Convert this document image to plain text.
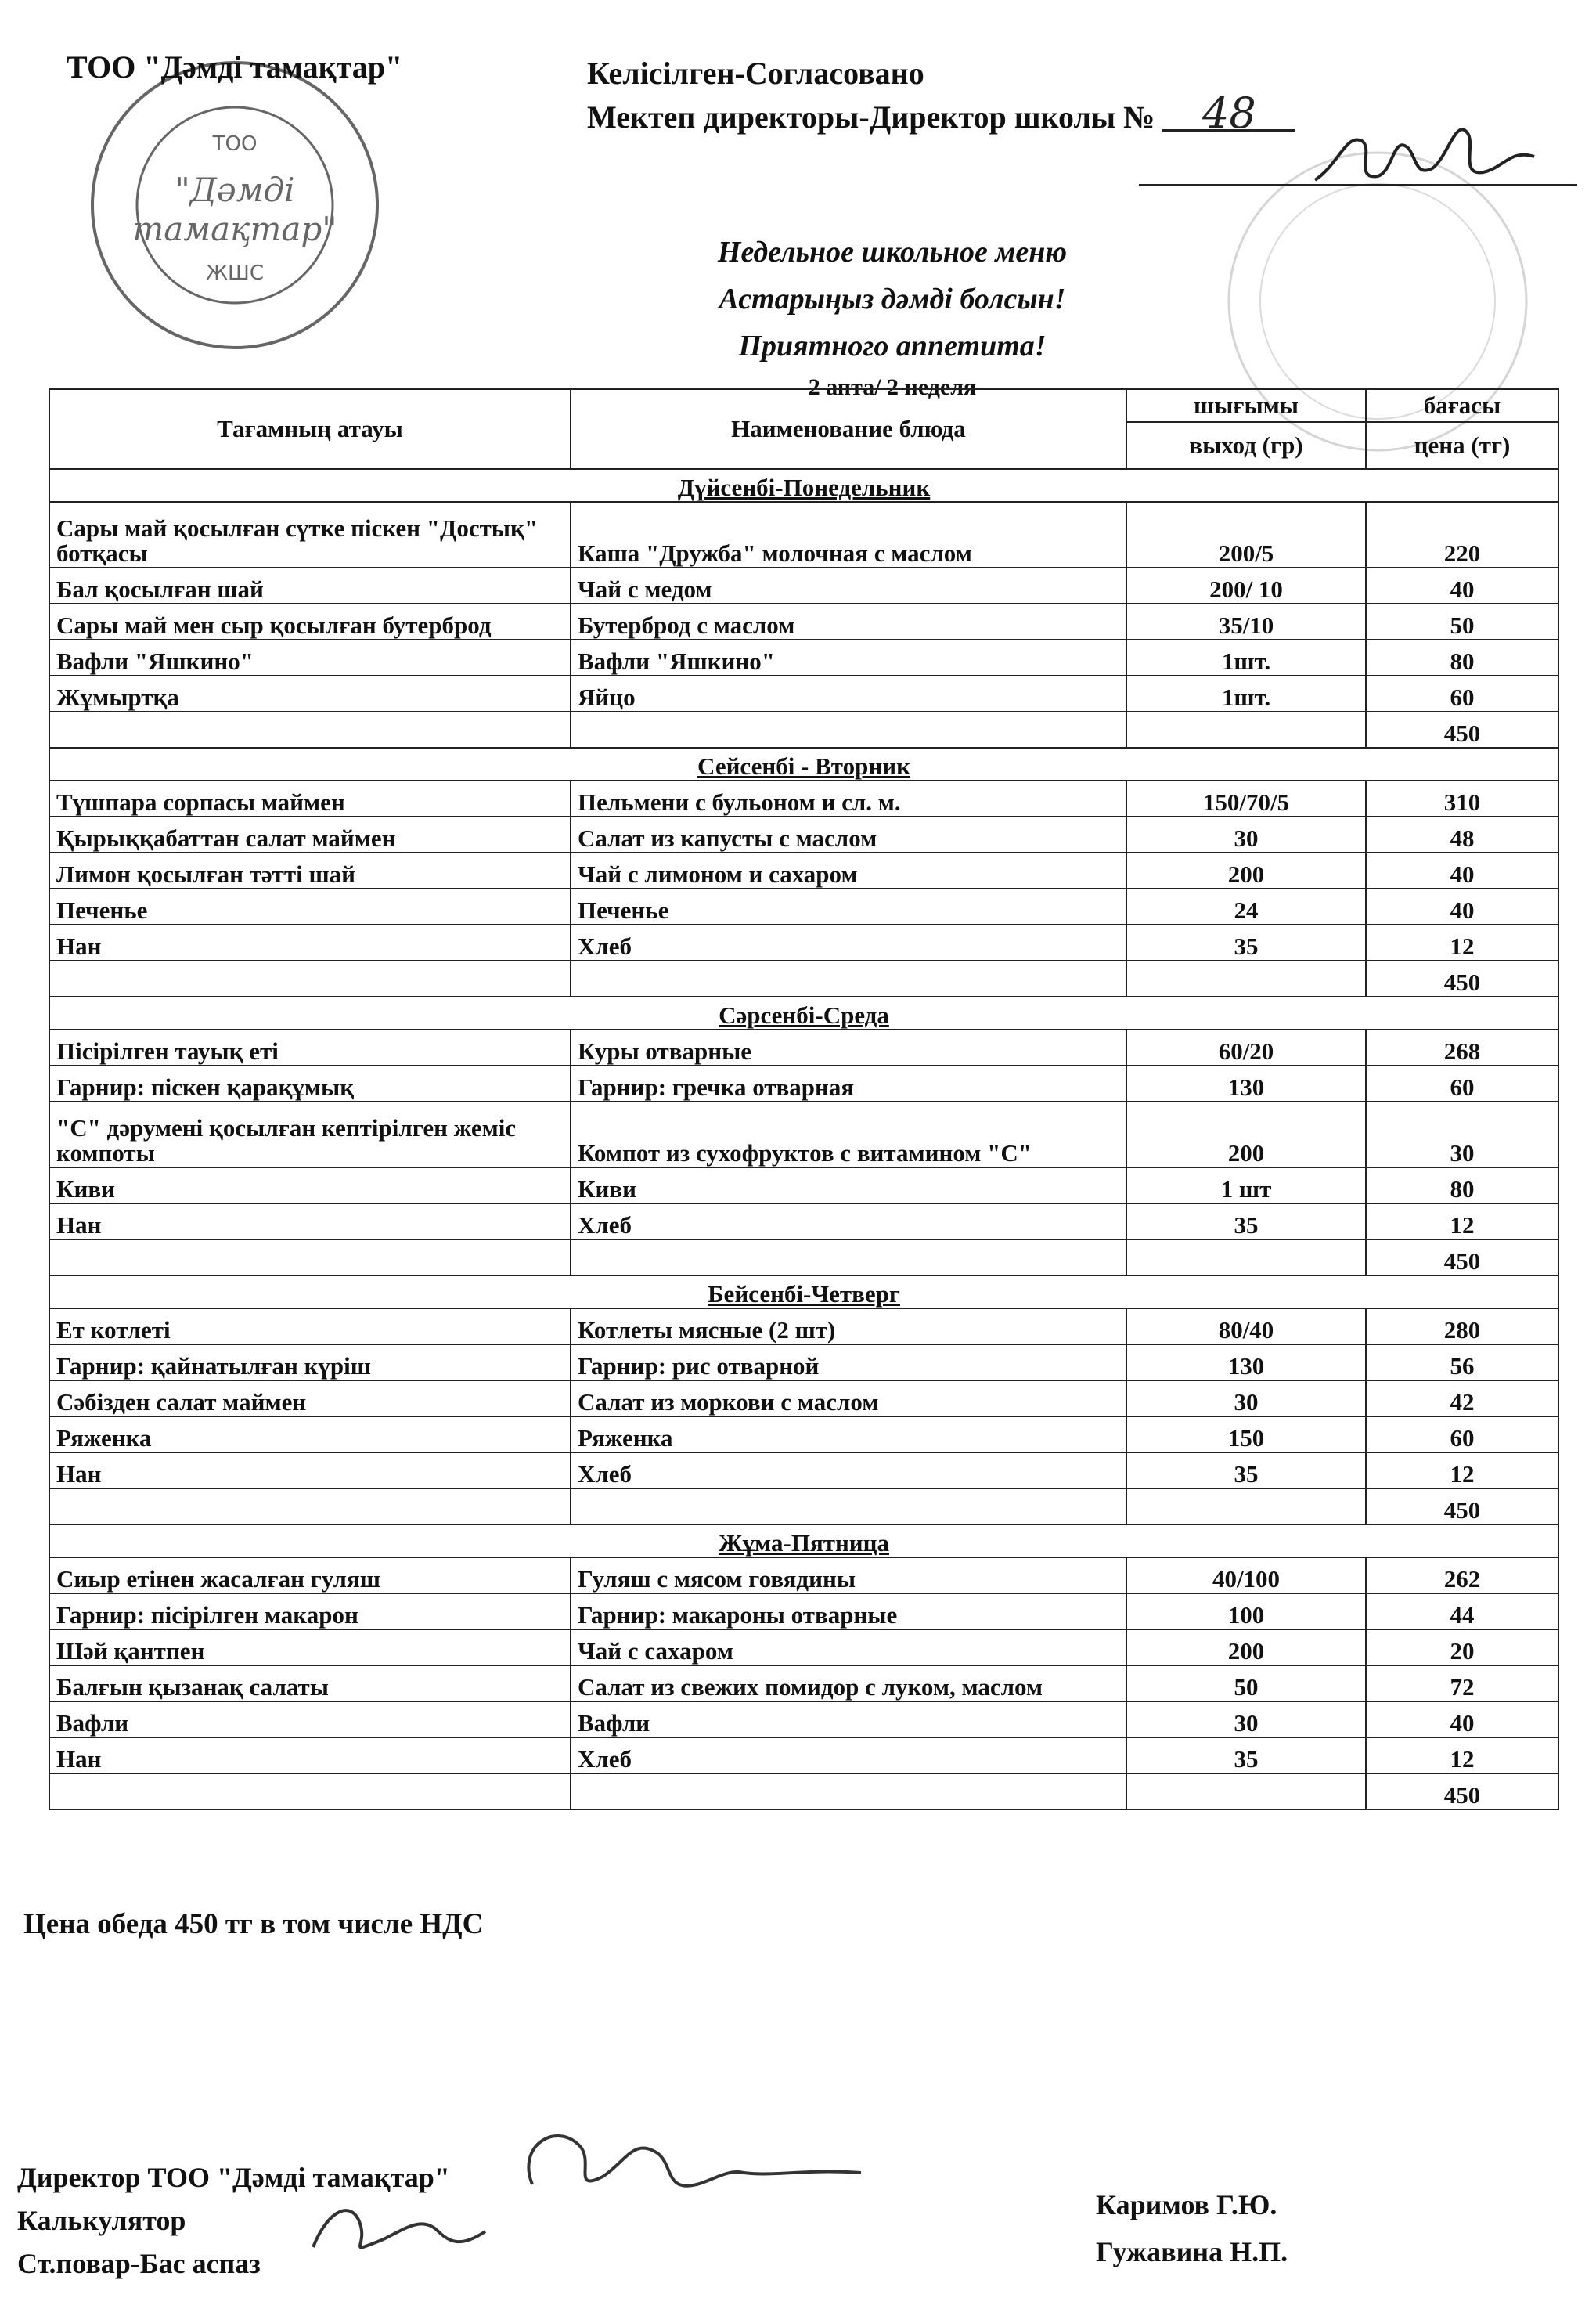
ТОО
"Дәмді
тамақтар"
ЖШС
ТОО "Дәмді тамақтар"	Келісілген-Согласовано
Мектеп директоры-Директор школы № 48
Недельное школьное меню
Астарыңыз дәмді болсын!
Приятного аппетита!
2 апта/ 2 неделя
Тағамның атауы	Наименование блюда	шығымы	бағасы
		выход (гр)	цена (тг)
Дүйсенбі-Понедельник			
Сары май қосылған сүтке піскен "Достық" ботқасы	Каша "Дружба" молочная с маслом	200/5	220
Бал қосылған шай	Чай с медом	200/ 10	40
Сары май мен сыр қосылған бутерброд	Бутерброд с маслом	35/10	50
Вафли "Яшкино"	Вафли "Яшкино"	1шт.	80
Жұмыртқа	Яйцо	1шт.	60
			450
Сейсенбі - Вторник			
Түшпара сорпасы маймен	Пельмени с бульоном и сл. м.	150/70/5	310
Қырыққабаттан салат маймен	Салат из капусты с маслом	30	48
Лимон қосылған тәтті шай	Чай с лимоном и сахаром	200	40
Печенье	Печенье	24	40
Нан	Хлеб	35	12
			450
Сәрсенбі-Среда			
Пісірілген тауық еті	Куры отварные	60/20	268
Гарнир: піскен қарақұмық	Гарнир: гречка отварная	130	60
"С" дәрумені қосылған кептірілген жеміс компоты	Компот из сухофруктов с витамином "С"	200	30
Киви	Киви	1 шт	80
Нан	Хлеб	35	12
			450
Бейсенбі-Четверг			
Ет котлеті	Котлеты мясные (2 шт)	80/40	280
Гарнир: қайнатылған күріш	Гарнир: рис отварной	130	56
Сәбізден салат маймен	Салат из моркови с маслом	30	42
Ряженка	Ряженка	150	60
Нан	Хлеб	35	12
			450
Жұма-Пятница			
Сиыр етінен жасалған гуляш	Гуляш с мясом говядины	40/100	262
Гарнир: пісірілген макарон	Гарнир: макароны отварные	100	44
Шәй қантпен	Чай с сахаром	200	20
Балғын қызанақ салаты	Салат из свежих помидор с луком, маслом	50	72
Вафли	Вафли	30	40
Нан	Хлеб	35	12
			450
Цена обеда 450 тг в том числе НДС
Директор ТОО "Дәмді тамақтар"
Калькулятор
Ст.повар-Бас аспаз
Каримов Г.Ю.
Гужавина Н.П.
